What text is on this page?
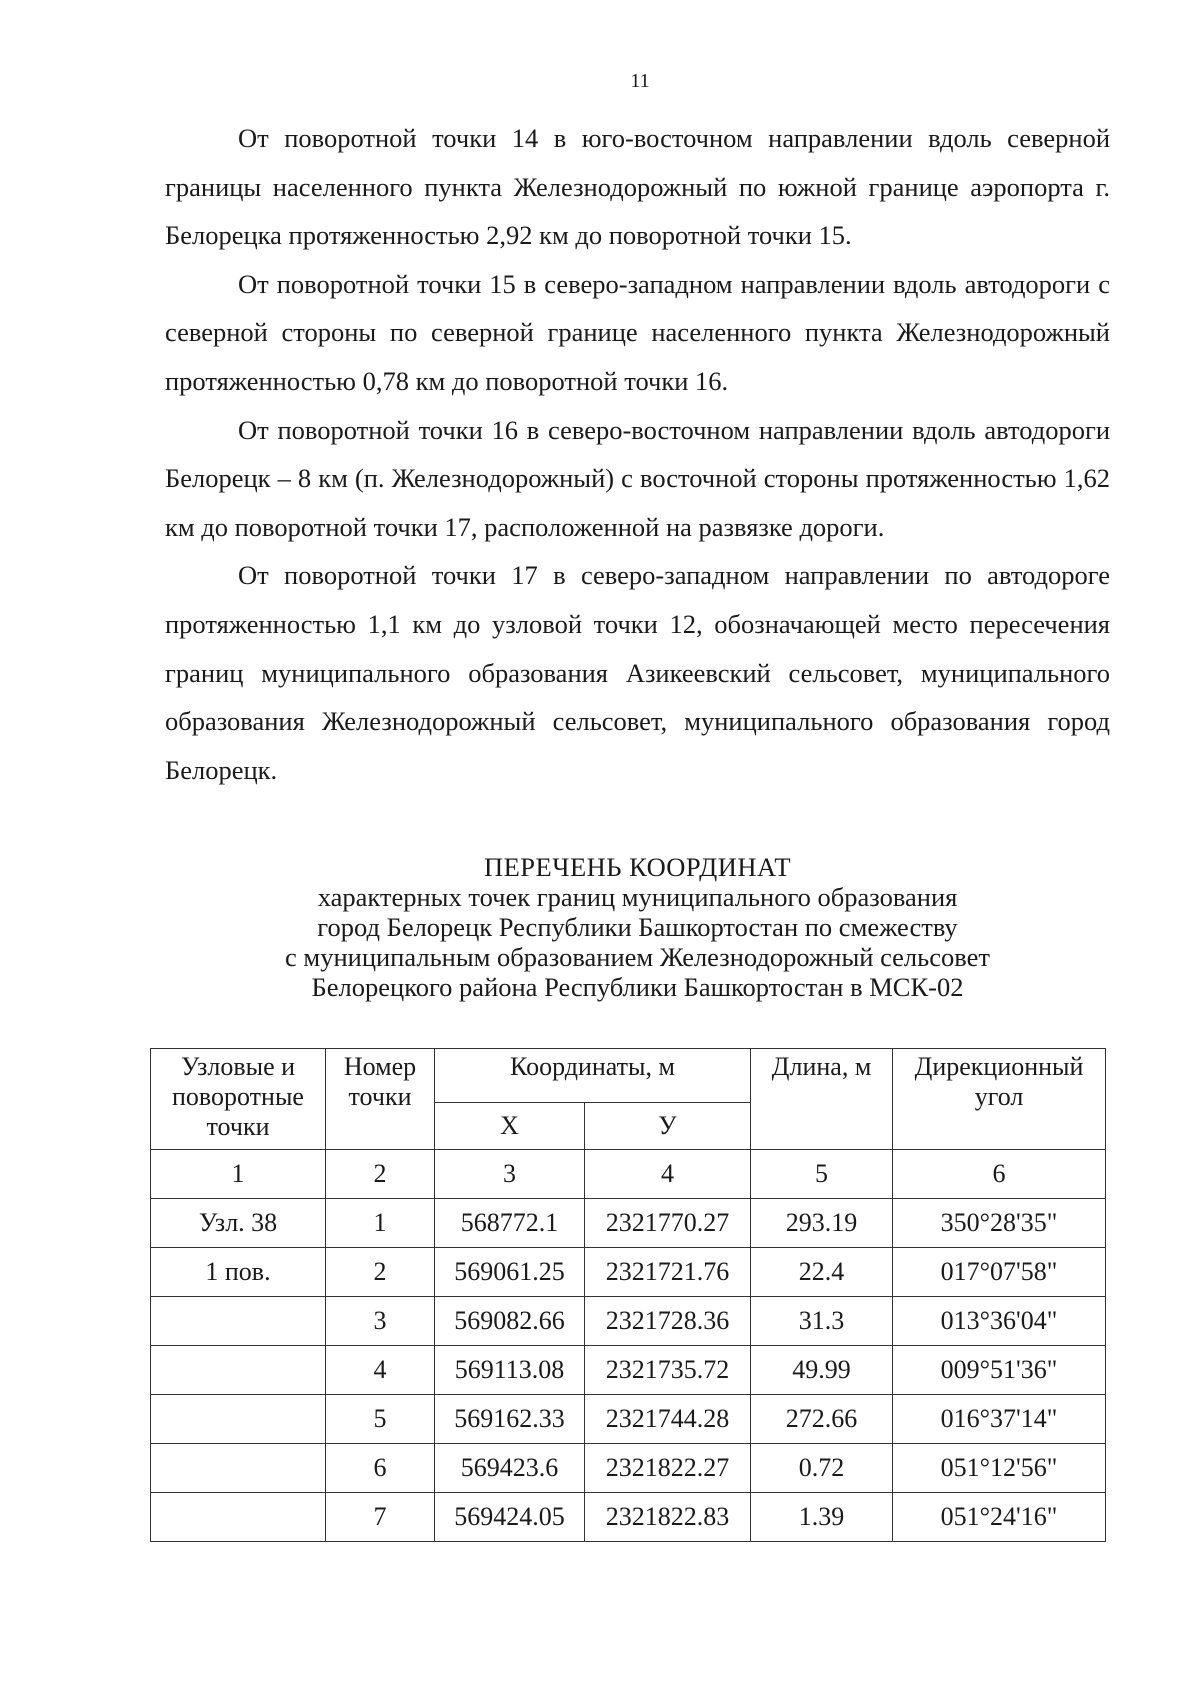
11

От поворотной точки 14 в юго-восточном направлении вдоль северной границы населенного пункта Железнодорожный по южной границе аэропорта г. Белорецка протяженностью 2,92 км до поворотной точки 15.

От поворотной точки 15 в северо-западном направлении вдоль автодороги с северной стороны по северной границе населенного пункта Железнодорожный протяженностью 0,78 км до поворотной точки 16.

От поворотной точки 16 в северо-восточном направлении вдоль автодороги Белорецк – 8 км (п. Железнодорожный) с восточной стороны протяженностью 1,62 км до поворотной точки 17, расположенной на развязке дороги.

От поворотной точки 17 в северо-западном направлении по автодороге протяженностью 1,1 км до узловой точки 12, обозначающей место пересечения границ муниципального образования Азикеевский сельсовет, муниципального образования Железнодорожный сельсовет, муниципального образования город Белорецк.

ПЕРЕЧЕНЬ КООРДИНАТ
характерных точек границ муниципального образования
город Белорецк Республики Башкортостан по смежеству
с муниципальным образованием Железнодорожный сельсовет
Белорецкого района Республики Башкортостан в МСК-02
Узловые и поворотные точки	Номер точки	Координаты, м		Длина, м	Дирекционный угол
		X	У		
1	2	3	4	5	6
Узл. 38	1	568772.1	2321770.27	293.19	350°28'35"
1 пов.	2	569061.25	2321721.76	22.4	017°07'58"
	3	569082.66	2321728.36	31.3	013°36'04"
	4	569113.08	2321735.72	49.99	009°51'36"
	5	569162.33	2321744.28	272.66	016°37'14"
	6	569423.6	2321822.27	0.72	051°12'56"
	7	569424.05	2321822.83	1.39	051°24'16"
